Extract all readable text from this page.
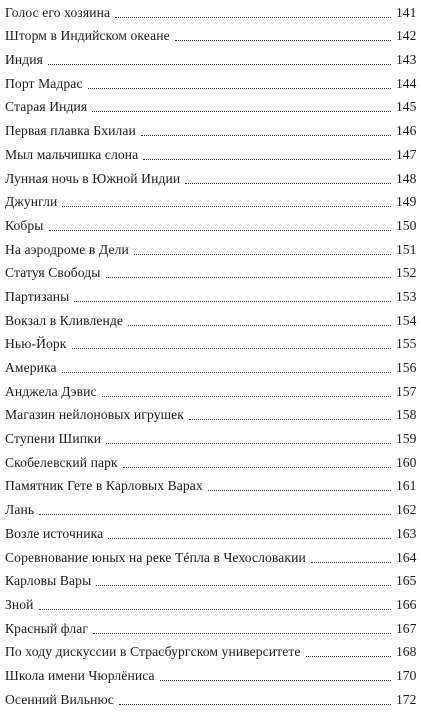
Голос его хозяина	141
Шторм в Индийском океане	142
Индия	143
Порт Мадрас	144
Старая Индия	145
Первая плавка Бхилаи	146
Мыл мальчишка слона	147
Лунная ночь в Южной Индии	148
Джунгли	149
Кобры	150
На аэродроме в Дели	151
Статуя Свободы	152
Партизаны	153
Вокзал в Кливленде	154
Нью-Йорк	155
Америка	156
Анджела Дэвис	157
Магазин нейлоновых игрушек	158
Ступени Шипки	159
Скобелевский парк	160
Памятник Гете в Карловых Варах	161
Лань	162
Возле источника	163
Соревнование юных на реке Тéпла в Чехословакии	164
Карловы Вары	165
Зной	166
Красный флаг	167
По ходу дискуссии в Страсбургском университете	168
Школа имени Чюрлёниса	170
Осенний Вильнюс	172
